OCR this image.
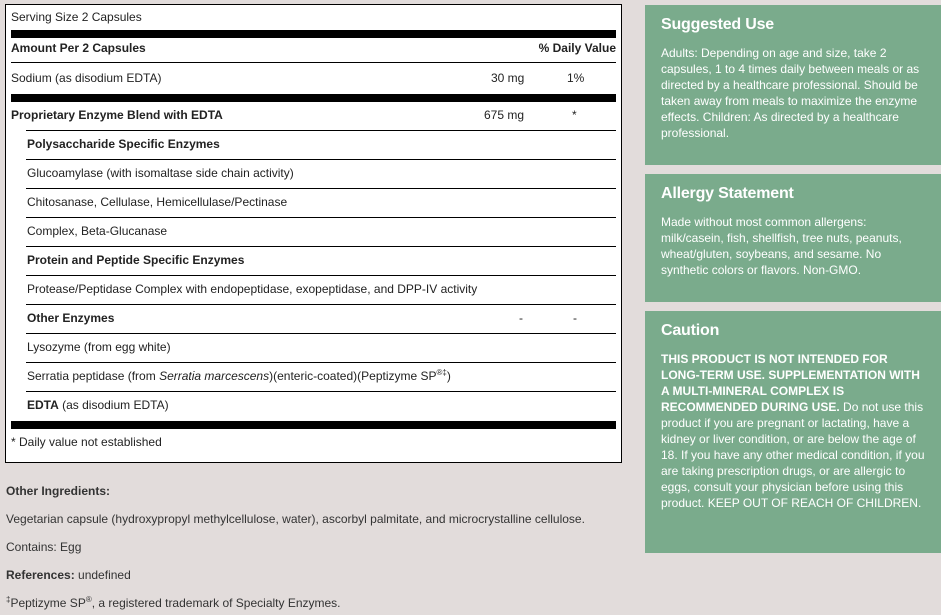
Serving Size 2 Capsules
Amount Per 2 Capsules	% Daily Value
Sodium (as disodium EDTA)	30 mg	1%
Proprietary Enzyme Blend with EDTA	675 mg	*
Polysaccharide Specific Enzymes
Glucoamylase (with isomaltase side chain activity)
Chitosanase, Cellulase, Hemicellulase/Pectinase
Complex, Beta-Glucanase
Protein and Peptide Specific Enzymes
Protease/Peptidase Complex with endopeptidase, exopeptidase, and DPP-IV activity
Other Enzymes	-	-
Lysozyme (from egg white)
Serratia peptidase (from Serratia marcescens)(enteric-coated)(Peptizyme SP®‡)
EDTA (as disodium EDTA)
* Daily value not established
Other Ingredients:
Vegetarian capsule (hydroxypropyl methylcellulose, water), ascorbyl palmitate, and microcrystalline cellulose.
Contains: Egg
References: undefined
‡Peptizyme SP®, a registered trademark of Specialty Enzymes.
Suggested Use

Adults: Depending on age and size, take 2 capsules, 1 to 4 times daily between meals or as directed by a healthcare professional. Should be taken away from meals to maximize the enzyme effects. Children: As directed by a healthcare professional.

Allergy Statement

Made without most common allergens: milk/casein, fish, shellfish, tree nuts, peanuts, wheat/gluten, soybeans, and sesame. No synthetic colors or flavors. Non-GMO.

Caution

THIS PRODUCT IS NOT INTENDED FOR LONG-TERM USE. SUPPLEMENTATION WITH A MULTI-MINERAL COMPLEX IS RECOMMENDED DURING USE. Do not use this product if you are pregnant or lactating, have a kidney or liver condition, or are below the age of 18. If you have any other medical condition, if you are taking prescription drugs, or are allergic to eggs, consult your physician before using this product. KEEP OUT OF REACH OF CHILDREN.
